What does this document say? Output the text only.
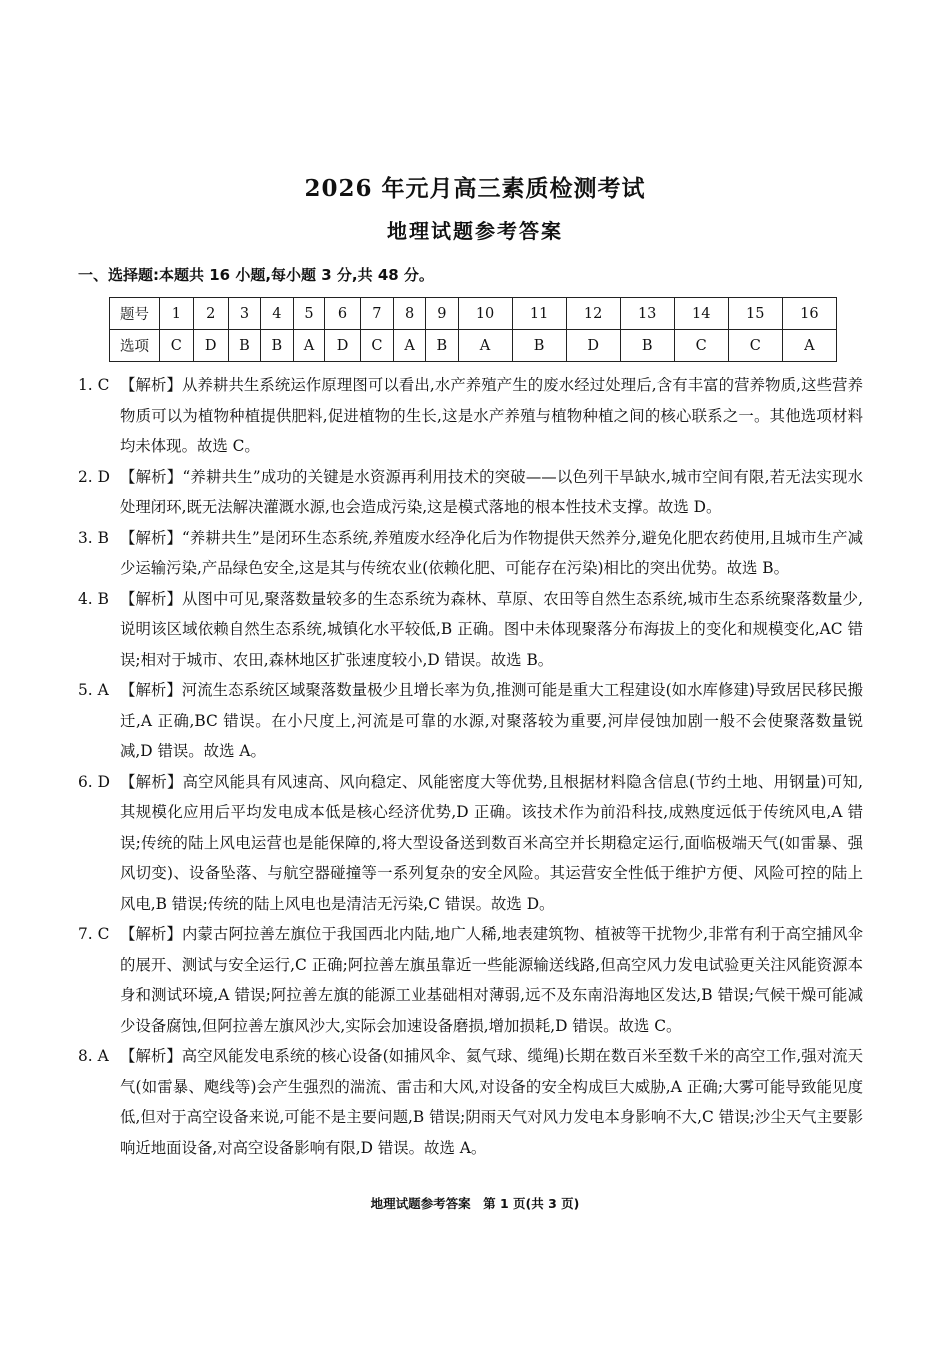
2026 年元月高三素质检测考试
地理试题参考答案
一、选择题:本题共 16 小题,每小题 3 分,共 48 分。
题号	1	2	3	4	5	6	7	8	9	10	11	12	13	14	15	16
选项	C	D	B	B	A	D	C	A	B	A	B	D	B	C	C	A
1. C 【解析】从养耕共生系统运作原理图可以看出,水产养殖产生的废水经过处理后,含有丰富的营养物质,这些营养物质可以为植物种植提供肥料,促进植物的生长,这是水产养殖与植物种植之间的核心联系之一。其他选项材料均未体现。故选 C。
2. D 【解析】“养耕共生”成功的关键是水资源再利用技术的突破——以色列干旱缺水,城市空间有限,若无法实现水处理闭环,既无法解决灌溉水源,也会造成污染,这是模式落地的根本性技术支撑。故选 D。
3. B 【解析】“养耕共生”是闭环生态系统,养殖废水经净化后为作物提供天然养分,避免化肥农药使用,且城市生产减少运输污染,产品绿色安全,这是其与传统农业(依赖化肥、可能存在污染)相比的突出优势。故选 B。
4. B 【解析】从图中可见,聚落数量较多的生态系统为森林、草原、农田等自然生态系统,城市生态系统聚落数量少,说明该区域依赖自然生态系统,城镇化水平较低,B 正确。图中未体现聚落分布海拔上的变化和规模变化,AC 错误;相对于城市、农田,森林地区扩张速度较小,D 错误。故选 B。
5. A 【解析】河流生态系统区域聚落数量极少且增长率为负,推测可能是重大工程建设(如水库修建)导致居民移民搬迁,A 正确,BC 错误。在小尺度上,河流是可靠的水源,对聚落较为重要,河岸侵蚀加剧一般不会使聚落数量锐减,D 错误。故选 A。
6. D 【解析】高空风能具有风速高、风向稳定、风能密度大等优势,且根据材料隐含信息(节约土地、用钢量)可知,其规模化应用后平均发电成本低是核心经济优势,D 正确。该技术作为前沿科技,成熟度远低于传统风电,A 错误;传统的陆上风电运营也是能保障的,将大型设备送到数百米高空并长期稳定运行,面临极端天气(如雷暴、强风切变)、设备坠落、与航空器碰撞等一系列复杂的安全风险。其运营安全性低于维护方便、风险可控的陆上风电,B 错误;传统的陆上风电也是清洁无污染,C 错误。故选 D。
7. C 【解析】内蒙古阿拉善左旗位于我国西北内陆,地广人稀,地表建筑物、植被等干扰物少,非常有利于高空捕风伞的展开、测试与安全运行,C 正确;阿拉善左旗虽靠近一些能源输送线路,但高空风力发电试验更关注风能资源本身和测试环境,A 错误;阿拉善左旗的能源工业基础相对薄弱,远不及东南沿海地区发达,B 错误;气候干燥可能减少设备腐蚀,但阿拉善左旗风沙大,实际会加速设备磨损,增加损耗,D 错误。故选 C。
8. A 【解析】高空风能发电系统的核心设备(如捕风伞、氦气球、缆绳)长期在数百米至数千米的高空工作,强对流天气(如雷暴、飑线等)会产生强烈的湍流、雷击和大风,对设备的安全构成巨大威胁,A 正确;大雾可能导致能见度低,但对于高空设备来说,可能不是主要问题,B 错误;阴雨天气对风力发电本身影响不大,C 错误;沙尘天气主要影响近地面设备,对高空设备影响有限,D 错误。故选 A。
地理试题参考答案　第 1 页(共 3 页)
